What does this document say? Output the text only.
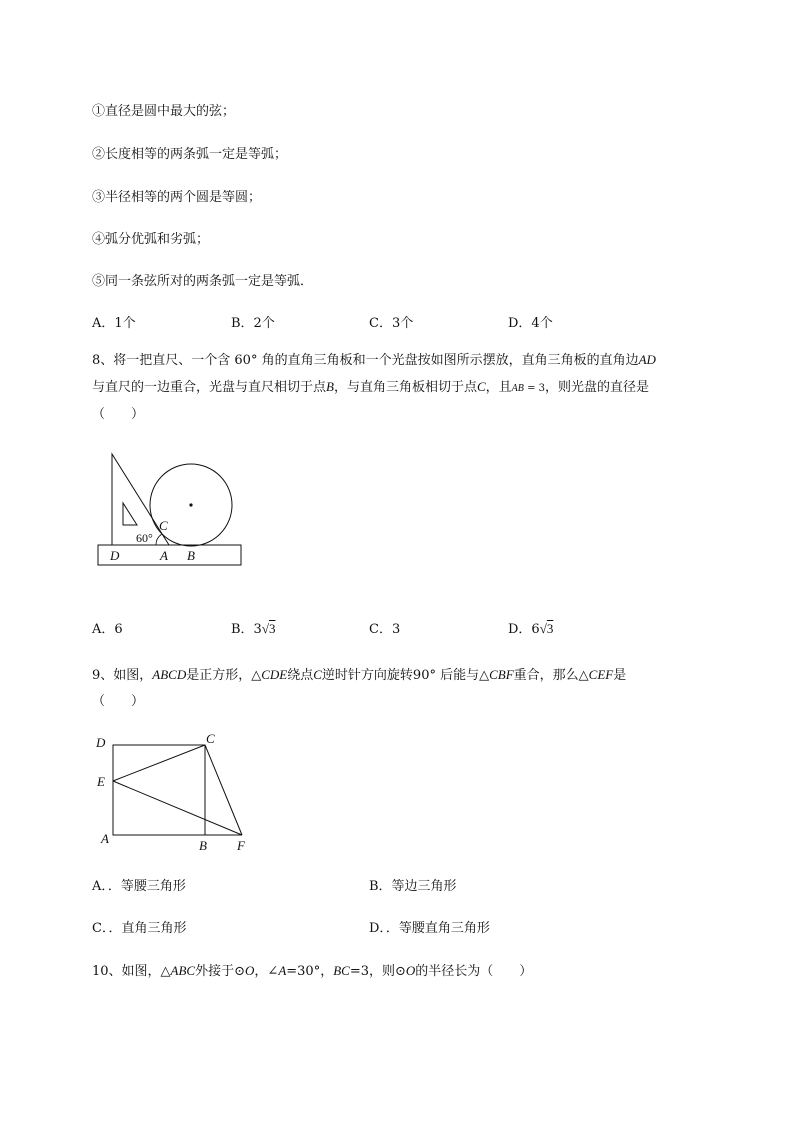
①直径是圆中最大的弦；
②长度相等的两条弧一定是等弧；
③半径相等的两个圆是等圆；
④弧分优弧和劣弧；
⑤同一条弦所对的两条弧一定是等弧．
A．1个	B．2个	C．3个	D．4个
8、将一把直尺、一个含 60° 角的直角三角板和一个光盘按如图所示摆放，直角三角板的直角边AD
与直尺的一边重合，光盘与直尺相切于点B，与直角三角板相切于点C，且AB = 3，则光盘的直径是
（　　）
60°
C
D	A B
A．6	B．3√3	C．3	D．6√3
9、如图，ABCD是正方形，△CDE绕点C逆时针方向旋转90° 后能与△CBF重合，那么△CEF是
（　　）
D	C
E
A	B F
A．．等腰三角形	B．等边三角形
C．．直角三角形	D．．等腰直角三角形
10、如图，△ABC外接于⊙O，∠A=30°，BC=3，则⊙O的半径长为（　　）
